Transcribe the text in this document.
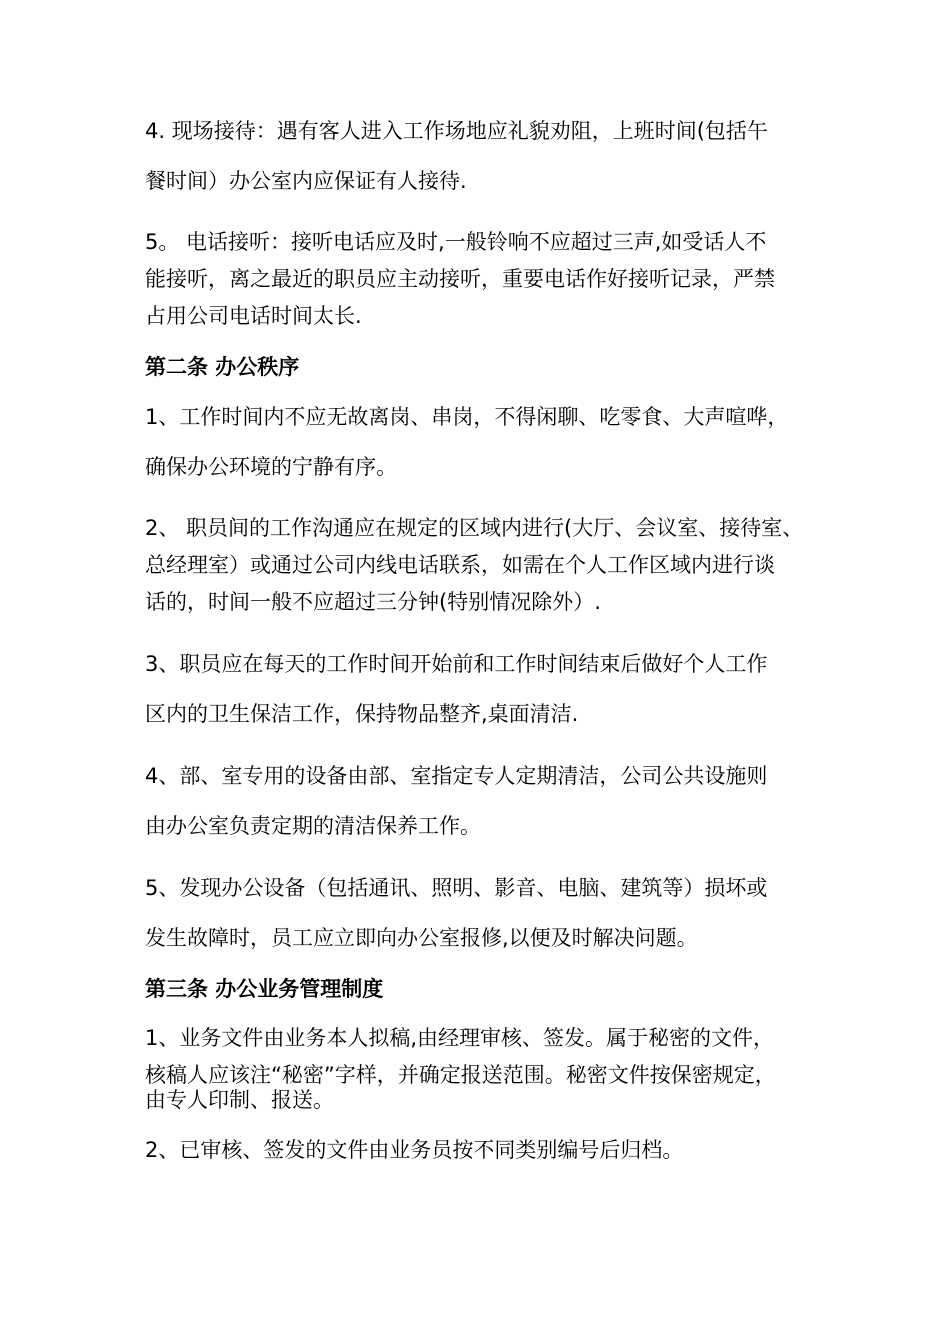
4. 现场接待：遇有客人进入工作场地应礼貌劝阻，上班时间(包括午
餐时间）办公室内应保证有人接待.
5。 电话接听：接听电话应及时,一般铃响不应超过三声,如受话人不
能接听，离之最近的职员应主动接听，重要电话作好接听记录，严禁
占用公司电话时间太长.
第二条 办公秩序
1、工作时间内不应无故离岗、串岗，不得闲聊、吃零食、大声喧哗，
确保办公环境的宁静有序。
2、 职员间的工作沟通应在规定的区域内进行(大厅、会议室、接待室、
总经理室）或通过公司内线电话联系，如需在个人工作区域内进行谈
话的，时间一般不应超过三分钟(特别情况除外）.
3、职员应在每天的工作时间开始前和工作时间结束后做好个人工作
区内的卫生保洁工作，保持物品整齐,桌面清洁.
4、部、室专用的设备由部、室指定专人定期清洁，公司公共设施则
由办公室负责定期的清洁保养工作。
5、发现办公设备（包括通讯、照明、影音、电脑、建筑等）损坏或
发生故障时，员工应立即向办公室报修,以便及时解决问题。
第三条 办公业务管理制度
1、业务文件由业务本人拟稿,由经理审核、签发。属于秘密的文件，
核稿人应该注“秘密”字样，并确定报送范围。秘密文件按保密规定，
由专人印制、报送。
2、已审核、签发的文件由业务员按不同类别编号后归档。
